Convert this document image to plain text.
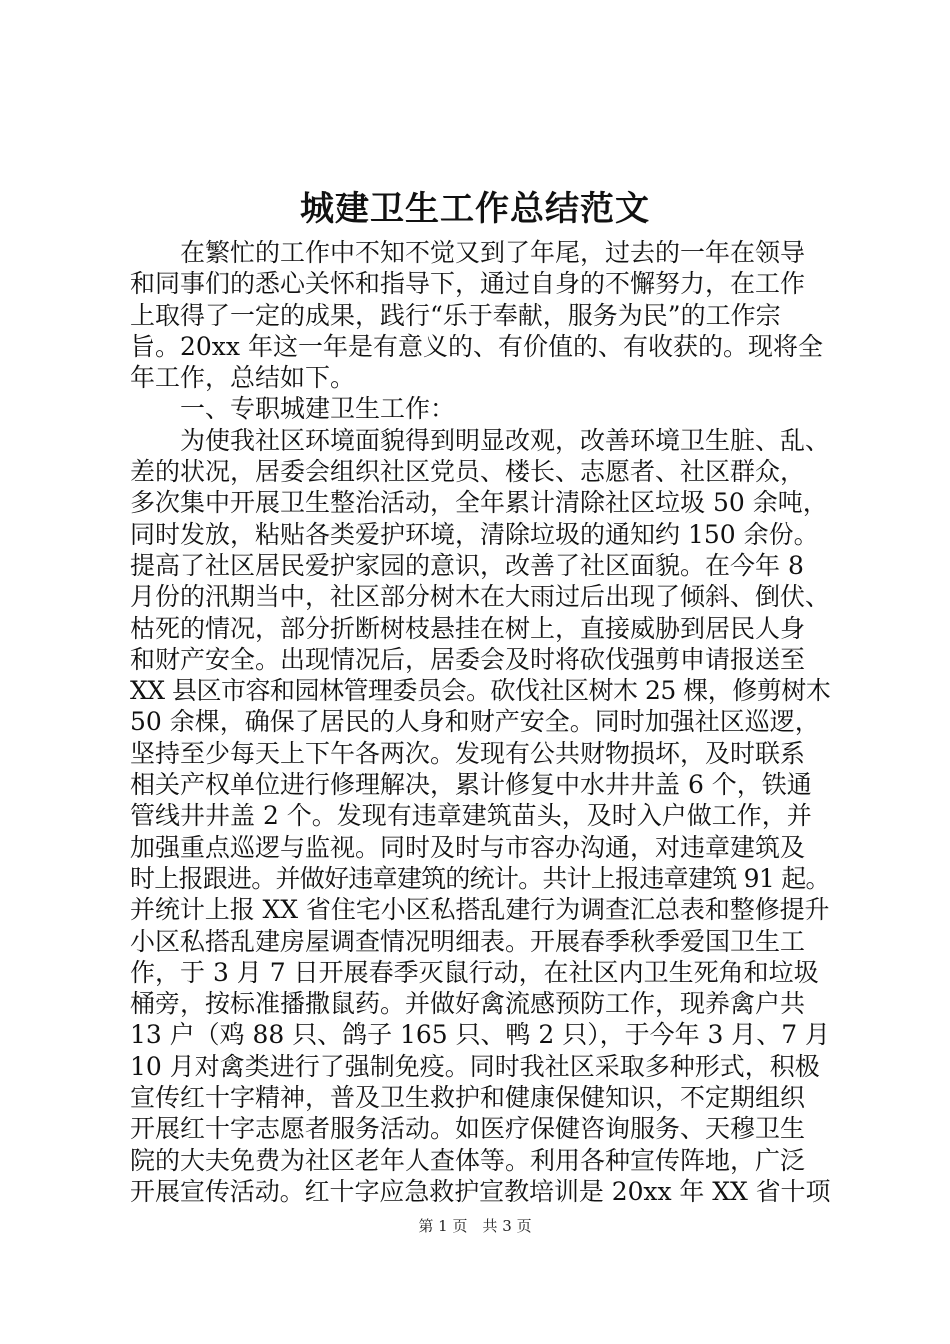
城建卫生工作总结范文
　　在繁忙的工作中不知不觉又到了年尾，过去的一年在领导
和同事们的悉心关怀和指导下，通过自身的不懈努力，在工作
上取得了一定的成果，践行“乐于奉献，服务为民”的工作宗
旨。20xx 年这一年是有意义的、有价值的、有收获的。现将全
年工作，总结如下。
　　一、专职城建卫生工作：
　　为使我社区环境面貌得到明显改观，改善环境卫生脏、乱、
差的状况，居委会组织社区党员、楼长、志愿者、社区群众，
多次集中开展卫生整治活动，全年累计清除社区垃圾 50 余吨，
同时发放，粘贴各类爱护环境，清除垃圾的通知约 150 余份。
提高了社区居民爱护家园的意识，改善了社区面貌。在今年 8
月份的汛期当中，社区部分树木在大雨过后出现了倾斜、倒伏、
枯死的情况，部分折断树枝悬挂在树上，直接威胁到居民人身
和财产安全。出现情况后，居委会及时将砍伐强剪申请报送至
XX 县区市容和园林管理委员会。砍伐社区树木 25 棵，修剪树木
50 余棵，确保了居民的人身和财产安全。同时加强社区巡逻，
坚持至少每天上下午各两次。发现有公共财物损坏，及时联系
相关产权单位进行修理解决，累计修复中水井井盖 6 个，铁通
管线井井盖 2 个。发现有违章建筑苗头，及时入户做工作，并
加强重点巡逻与监视。同时及时与市容办沟通，对违章建筑及
时上报跟进。并做好违章建筑的统计。共计上报违章建筑 91 起。
并统计上报 XX 省住宅小区私搭乱建行为调查汇总表和整修提升
小区私搭乱建房屋调查情况明细表。开展春季秋季爱国卫生工
作，于 3 月 7 日开展春季灭鼠行动，在社区内卫生死角和垃圾
桶旁，按标准播撒鼠药。并做好禽流感预防工作，现养禽户共
13 户（鸡 88 只、鸽子 165 只、鸭 2 只），于今年 3 月、7 月
10 月对禽类进行了强制免疫。同时我社区采取多种形式，积极
宣传红十字精神，普及卫生救护和健康保健知识，不定期组织
开展红十字志愿者服务活动。如医疗保健咨询服务、天穆卫生
院的大夫免费为社区老年人查体等。利用各种宣传阵地，广泛
开展宣传活动。红十字应急救护宣教培训是 20xx 年 XX 省十项
第 1 页　共 3 页
